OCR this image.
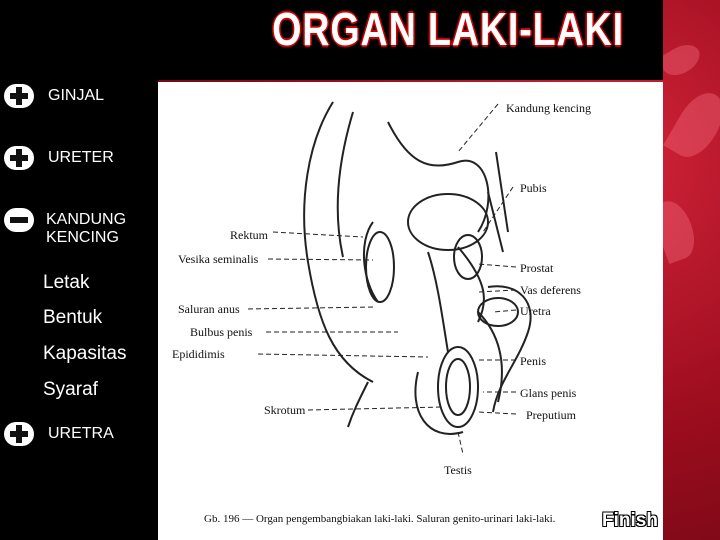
ORGAN LAKI-LAKI
GINJAL
URETER
KANDUNG KENCING
Letak
Bentuk
Kapasitas
Syaraf
URETRA
Kandung kencing
Pubis
Prostat
Vas deferens
Uretra
Penis
Glans penis
Preputium
Rektum
Vesika seminalis
Saluran anus
Bulbus penis
Epididimis
Skrotum
Testis
Gb. 196 — Organ pengembangbiakan laki-laki. Saluran genito-urinari laki-laki. Finish
